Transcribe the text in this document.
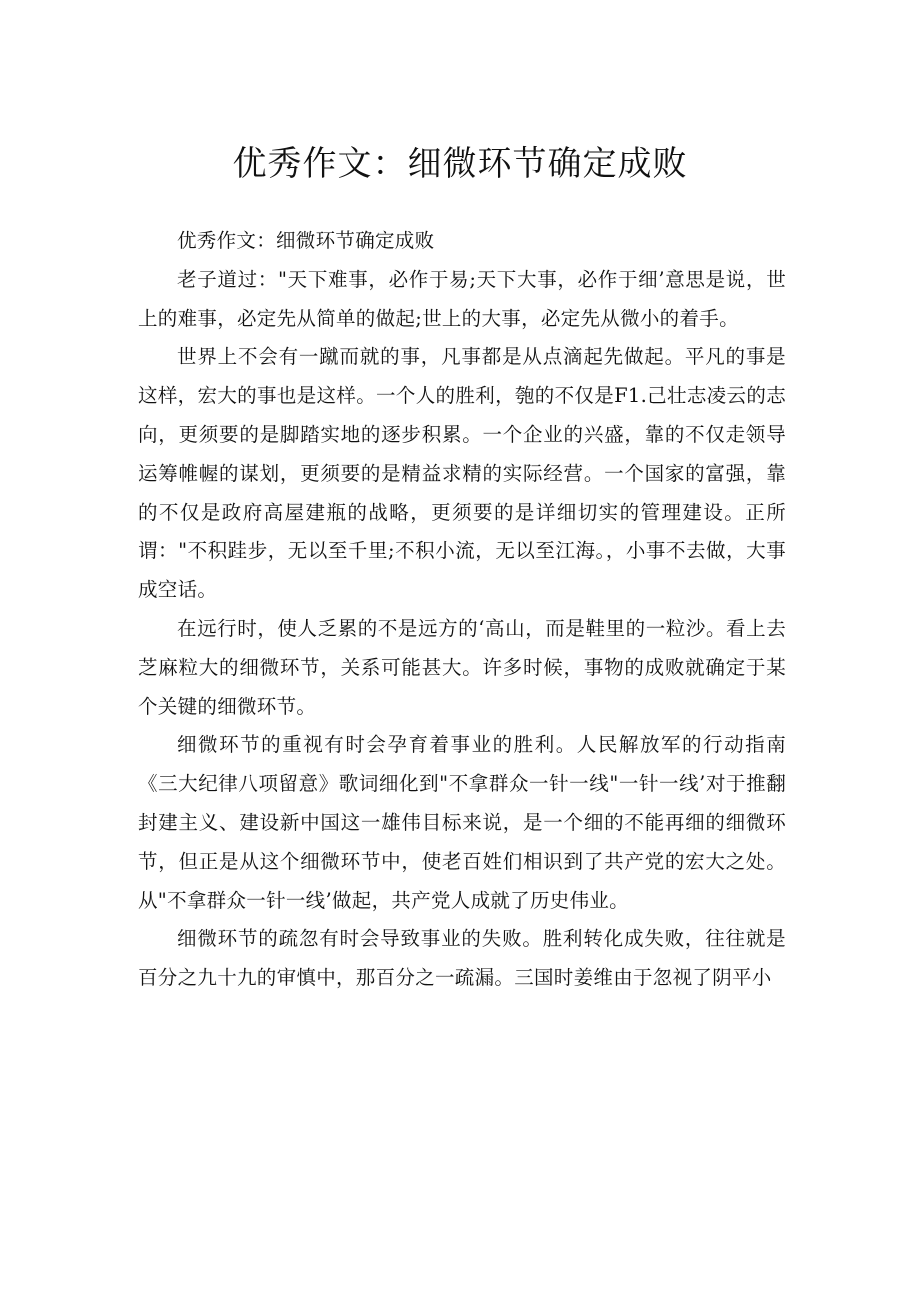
优秀作文：细微环节确定成败

优秀作文：细微环节确定成败

老子道过："天下难事，必作于易;天下大事，必作于细’意思是说，世上的难事，必定先从简单的做起;世上的大事，必定先从微小的着手。

世界上不会有一蹴而就的事，凡事都是从点滴起先做起。平凡的事是这样，宏大的事也是这样。一个人的胜利，匏的不仅是F1.己壮志凌云的志向，更须要的是脚踏实地的逐步积累。一个企业的兴盛，靠的不仅走领导运筹帷幄的谋划，更须要的是精益求精的实际经营。一个国家的富强，靠的不仅是政府高屋建瓶的战略，更须要的是详细切实的管理建设。正所谓："不积跬步，无以至千里;不积小流，无以至江海。，小事不去做，大事成空话。

在远行时，使人乏累的不是远方的‘高山，而是鞋里的一粒沙。看上去芝麻粒大的细微环节，关系可能甚大。许多时候，事物的成败就确定于某个关键的细微环节。

细微环节的重视有时会孕育着事业的胜利。人民解放军的行动指南《三大纪律八项留意》歌词细化到"不拿群众一针一线"一针一线’对于推翻封建主义、建设新中国这一雄伟目标来说，是一个细的不能再细的细微环节，但正是从这个细微环节中，使老百姓们相识到了共产党的宏大之处。从"不拿群众一针一线’做起，共产党人成就了历史伟业。

细微环节的疏忽有时会导致事业的失败。胜利转化成失败，往往就是百分之九十九的审慎中，那百分之一疏漏。三国时姜维由于忽视了阴平小
